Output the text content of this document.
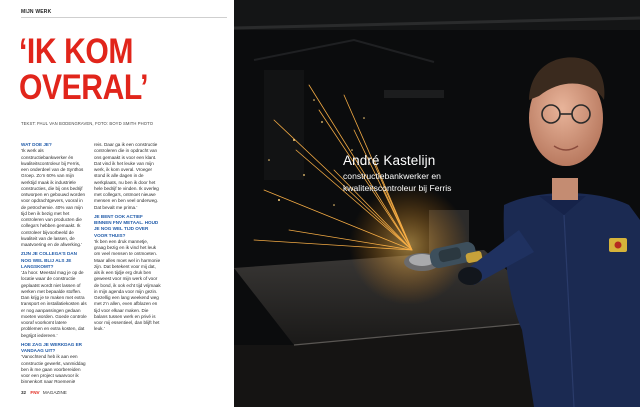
MIJN WERK
‘IK KOM
OVERAL’
TEKST: PAUL VAN BODENGRAVEN, FOTO: BOYD SMITH PHOTO

WAT DOE JE?

‘Ik werk als constructiebankwerker én kwaliteitscontroleur bij Ferris, een onderdeel van de Synthos Groep. Zo’n 60% van mijn werktijd maak ik industriële constructies, die bij ons bedrijf ontworpen en gebouwd worden voor opdrachtgevers, vooral in de petrochemie. 40% van mijn tijd ben ik bezig met het controleren van producten die collega’s hebben gemaakt. Ik controleer bijvoorbeeld de kwaliteit van de lassen, de maatvoering en de afwerking.’

ZIJN JE COLLEGA’S DAN NOG WEL BLIJ ALS JE LANGSKOMT?

‘Ja hoor. Meestal mag je op de locatie waar de constructie geplaatst wordt niet lassen of werken met bepaalde stoffen. Dan krijg je te maken met extra transport en installatiekosten als er nog aanpassingen gedaan moeten worden. Goede controle vooraf voorkomt latere problemen en extra kosten, dat begrijpt iedereen.’

HOE ZAG JE WERKDAG ER VANDAAG UIT?

‘Vanochtend heb ik aan een constructie gewerkt, vanmiddag ben ik me gaan voorbereiden voor een project waarvoor ik binnenkort naar Roemenië

reis. Daar ga ik een constructie controleren die in opdracht van ons gemaakt is voor een klant. Dat vind ik het leuke van mijn werk, ik kom overal. Vroeger stond ik alle dagen in de werkplaats, nu ben ik door het hele bedrijf te vinden. Ik overleg met collega’s, ontmoet nieuwe mensen en ben veel onderweg. Dat bevalt me prima.’

JE BENT OOK ACTIEF BINNEN FNV METAAL. HOUD JE NOG WEL TIJD OVER VOOR THUIS?

‘Ik ben een druk mannetje, graag bezig en ik vind het leuk om veel mensen te ontmoeten. Maar alles moet wel in harmonie zijn. Dat betekent voor mij dat, als ik een tijdje erg druk ben geweest voor mijn werk of voor de bond, ik ook echt tijd vrijmaak in mijn agenda voor mijn gezin. Gezellig een lang weekend weg met z’n allen, even afblazen en tijd voor elkaar maken. Die balans tussen werk en privé is voor mij essentieel, dan blijft het leuk.’

32 FNV MAGAZINE
André Kastelijn
constructiebankwerker en
kwaliteitscontroleur bij Ferris
